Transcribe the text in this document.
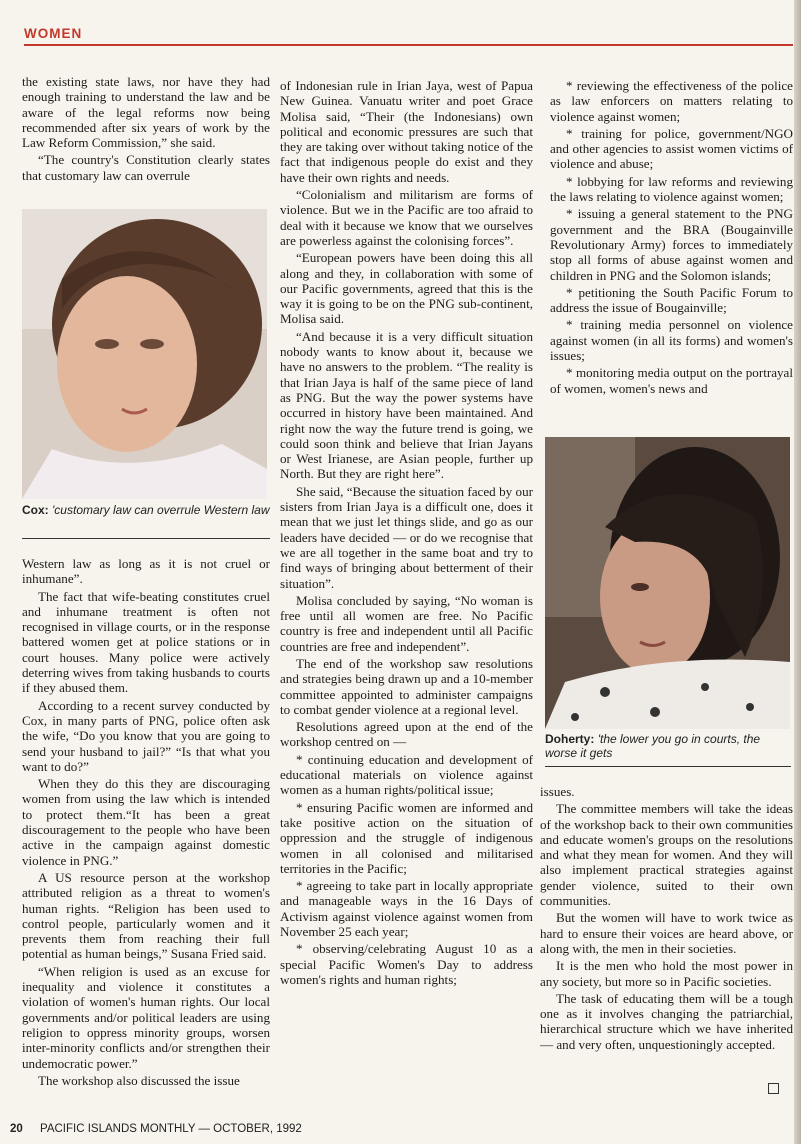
WOMEN

the existing state laws, nor have they had enough training to understand the law and be aware of the legal reforms now being recommended after six years of work by the Law Reform Commission,” she said.

“The country's Constitution clearly states that customary law can overrule

Cox: 'customary law can overrule Western law

Western law as long as it is not cruel or inhumane”.

The fact that wife-beating constitutes cruel and inhumane treatment is often not recognised in village courts, or in the response battered women get at police stations or in court houses. Many police were actively deterring wives from taking husbands to courts if they abused them.

According to a recent survey conducted by Cox, in many parts of PNG, police often ask the wife, “Do you know that you are going to send your husband to jail?” “Is that what you want to do?”

When they do this they are discouraging women from using the law which is intended to protect them.“It has been a great discouragement to the people who have been active in the campaign against domestic violence in PNG.”

A US resource person at the workshop attributed religion as a threat to women's human rights. “Religion has been used to control people, particularly women and it prevents them from reaching their full potential as human beings,” Susana Fried said.

“When religion is used as an excuse for inequality and violence it constitutes a violation of women's human rights. Our local governments and/or political leaders are using religion to oppress minority groups, worsen inter-minority conflicts and/or strengthen their undemocratic power.”

The workshop also discussed the issue

of Indonesian rule in Irian Jaya, west of Papua New Guinea. Vanuatu writer and poet Grace Molisa said, “Their (the Indonesians) own political and economic pressures are such that they are taking over without taking notice of the fact that indigenous people do exist and they have their own rights and needs.

“Colonialism and militarism are forms of violence. But we in the Pacific are too afraid to deal with it because we know that we ourselves are powerless against the colonising forces”.

“European powers have been doing this all along and they, in collaboration with some of our Pacific governments, agreed that this is the way it is going to be on the PNG sub-continent, Molisa said.

“And because it is a very difficult situation nobody wants to know about it, because we have no answers to the problem. “The reality is that Irian Jaya is half of the same piece of land as PNG. But the way the power systems have occurred in history have been maintained. And right now the way the future trend is going, we could soon think and believe that Irian Jayans or West Irianese, are Asian people, further up North. But they are right here”.

She said, “Because the situation faced by our sisters from Irian Jaya is a difficult one, does it mean that we just let things slide, and go as our leaders have decided — or do we recognise that we are all together in the same boat and try to find ways of bringing about betterment of their situation”.

Molisa concluded by saying, “No woman is free until all women are free. No Pacific country is free and independent until all Pacific countries are free and independent”.

The end of the workshop saw resolutions and strategies being drawn up and a 10-member committee appointed to administer campaigns to combat gender violence at a regional level.

Resolutions agreed upon at the end of the workshop centred on —

* continuing education and development of educational materials on violence against women as a human rights/political issue;

* ensuring Pacific women are informed and take positive action on the situation of oppression and the struggle of indigenous women in all colonised and militarised territories in the Pacific;

* agreeing to take part in locally appropriate and manageable ways in the 16 Days of Activism against violence against women from November 25 each year;

* observing/celebrating August 10 as a special Pacific Women's Day to address women's rights and human rights;

* reviewing the effectiveness of the police as law enforcers on matters relating to violence against women;

* training for police, government/NGO and other agencies to assist women victims of violence and abuse;

* lobbying for law reforms and reviewing the laws relating to violence against women;

* issuing a general statement to the PNG government and the BRA (Bougainville Revolutionary Army) forces to immediately stop all forms of abuse against women and children in PNG and the Solomon islands;

* petitioning the South Pacific Forum to address the issue of Bougainville;

* training media personnel on violence against women (in all its forms) and women's issues;

* monitoring media output on the portrayal of women, women's news and

Doherty: 'the lower you go in courts, the worse it gets

issues.

The committee members will take the ideas of the workshop back to their own communities and educate women's groups on the resolutions and what they mean for women. And they will also implement practical strategies against gender violence, suited to their own communities.

But the women will have to work twice as hard to ensure their voices are heard above, or along with, the men in their societies.

It is the men who hold the most power in any society, but more so in Pacific societies.

The task of educating them will be a tough one as it involves changing the patriarchial, hierarchical structure which we have inherited — and very often, unquestioningly accepted.

20 PACIFIC ISLANDS MONTHLY — OCTOBER, 1992
